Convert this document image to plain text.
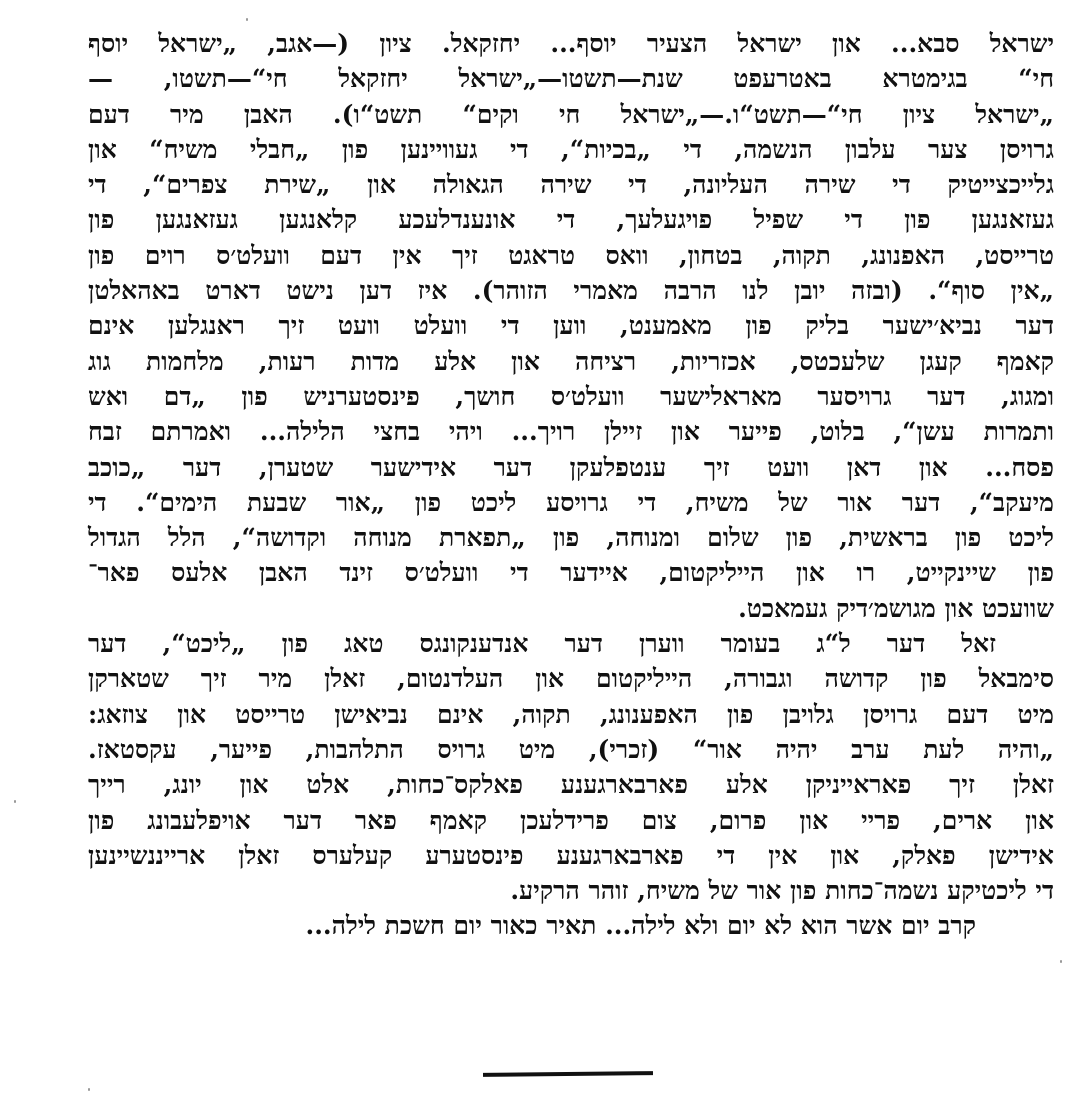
ישראל סבא... און ישראל הצעיר יוסף... יחזקאל. ציון (—אגב, „ישראל יוסף
חי“ בגימטרא באטרעפט שנת—תשטו—„ישראל יחזקאל חי“—תשטו, —
„ישראל ציון חי“—תשט“ו.—„ישראל חי וקים“ תשט“ו). האבן מיר דעם
גרויסן צער עלבון הנשמה, די „בכיות“, די געוויינען פון „חבלי משיח“ און
גלייכצייטיק די שירה העליונה, די שירה הגאולה און „שירת צפרים“, די
געזאנגען פון די שפיל פויגעלעך, די אונענדלעכע קלאנגען געזאנגען פון
טרייסט, האפנונג, תקוה, בטחון, וואס טראגט זיך אין דעם וועלט׳ס רוים פון
„אין סוף“. (ובזה יובן לנו הרבה מאמרי הזוהר). איז דען נישט דארט באהאלטן
דער נביא׳ישער בליק פון מאמענט, ווען די וועלט וועט זיך ראנגלען אינם
קאמף קעגן שלעכטס, אכזריות, רציחה און אלע מדות רעות, מלחמות גוג
ומגוג, דער גרויסער מאראלישער וועלט׳ס חושך, פינסטערניש פון „דם ואש
ותמרות עשן“, בלוט, פייער און זיילן רויך... ויהי בחצי הלילה... ואמרתם זבח
פסח... און דאן וועט זיך ענטפלעקן דער אידישער שטערן, דער „כוכב
מיעקב“, דער אור של משיח, די גרויסע ליכט פון „אור שבעת הימים“. די
ליכט פון בראשית, פון שלום ומנוחה, פון „תפארת מנוחה וקדושה“, הלל הגדול
פון שיינקייט, רו און הייליקטום, איידער די וועלט׳ס זינד האבן אלעס פאר־
שוועכט און מגושמ׳דיק געמאכט.
זאל דער ל“ג בעומר ווערן דער אנדענקונגס טאג פון „ליכט“, דער
סימבאל פון קדושה וגבורה, הייליקטום און העלדנטום, זאלן מיר זיך שטארקן
מיט דעם גרויסן גלויבן פון האפענונג, תקוה, אינם נביאישן טרייסט און צוזאג:
„והיה לעת ערב יהיה אור“ (זכרי), מיט גרויס התלהבות, פייער, עקסטאז.
זאלן זיך פאראייניקן אלע פארבארגענע פאלקס־כחות, אלט און יונג, רייך
און ארים, פריי און פרום, צום פרידלעכן קאמף פאר דער אויפלעבונג פון
אידישן פאלק, און אין די פארבארגענע פינסטערע קעלערס זאלן ארייננשיינען
די ליכטיקע נשמה־כחות פון אור של משיח, זוהר הרקיע.
קרב יום אשר הוא לא יום ולא לילה... תאיר כאור יום חשכת לילה...
